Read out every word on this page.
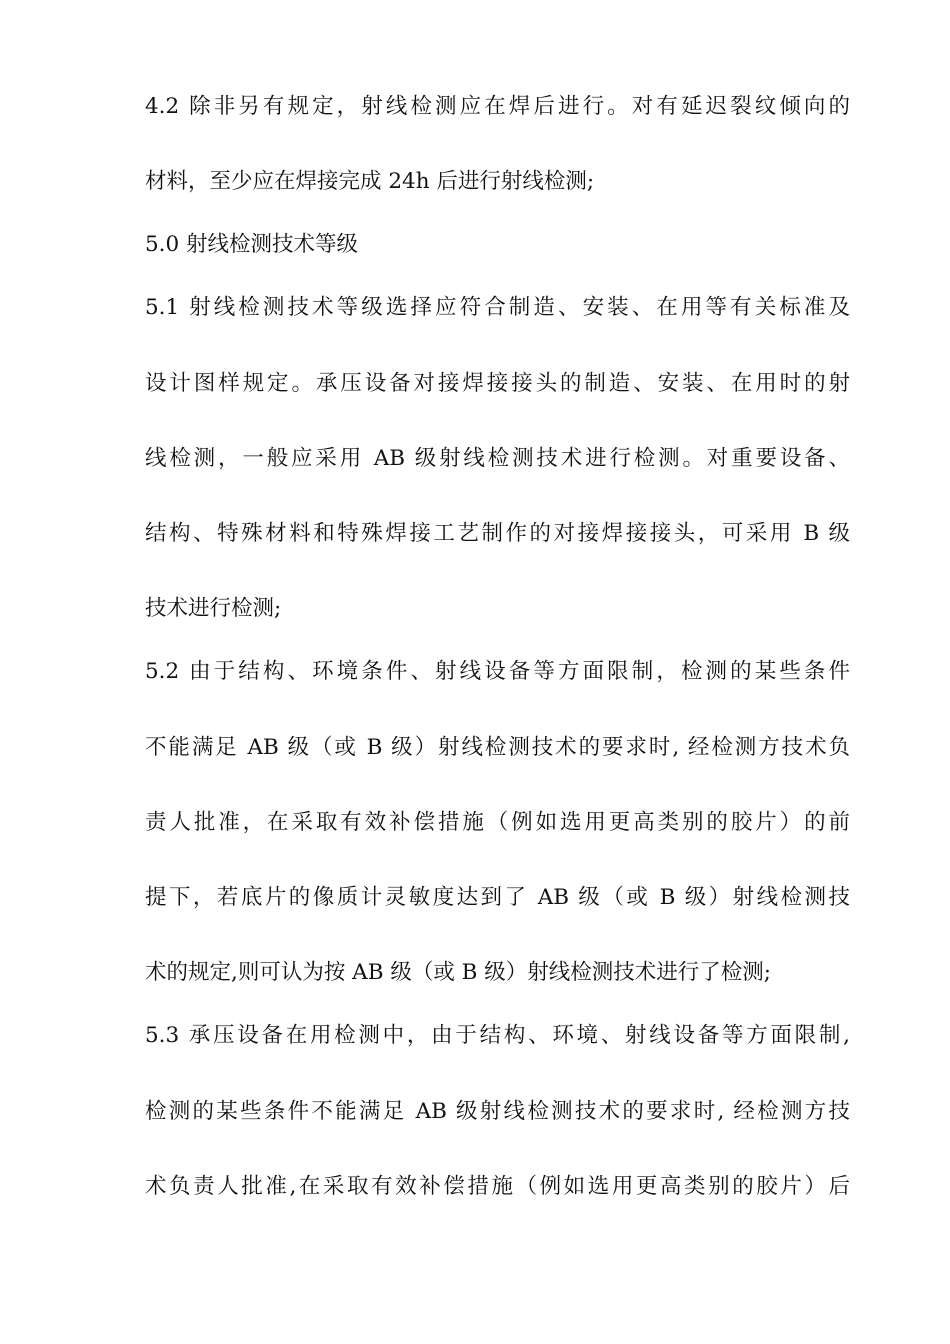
4.2 除非另有规定，射线检测应在焊后进行。对有延迟裂纹倾向的
材料，至少应在焊接完成 24h 后进行射线检测;
5.0 射线检测技术等级
5.1 射线检测技术等级选择应符合制造、安装、在用等有关标准及
设计图样规定。承压设备对接焊接接头的制造、安装、在用时的射
线检测，一般应采用 AB 级射线检测技术进行检测。对重要设备、
结构、特殊材料和特殊焊接工艺制作的对接焊接接头，可采用 B 级
技术进行检测;
5.2 由于结构、环境条件、射线设备等方面限制，检测的某些条件
不能满足 AB 级（或 B 级）射线检测技术的要求时, 经检测方技术负
责人批准，在采取有效补偿措施（例如选用更高类别的胶片）的前
提下，若底片的像质计灵敏度达到了 AB 级（或 B 级）射线检测技
术的规定,则可认为按 AB 级（或 B 级）射线检测技术进行了检测;
5.3 承压设备在用检测中，由于结构、环境、射线设备等方面限制,
检测的某些条件不能满足 AB 级射线检测技术的要求时, 经检测方技
术负责人批准,在采取有效补偿措施（例如选用更高类别的胶片）后
